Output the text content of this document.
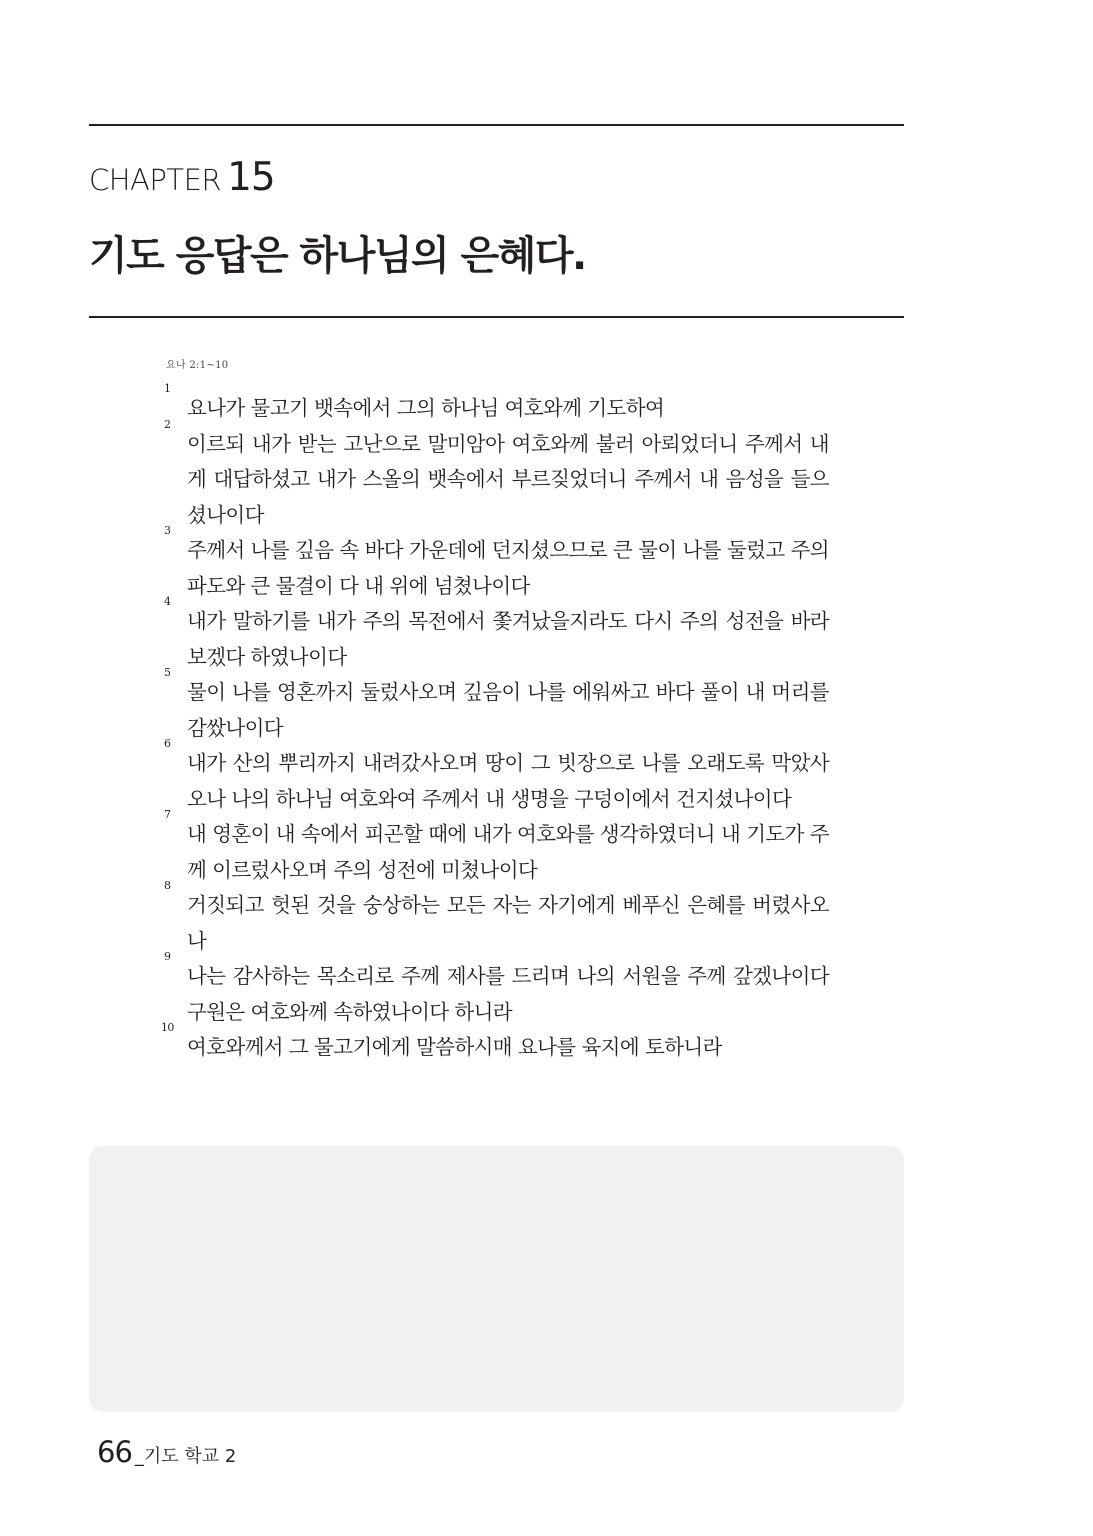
CHAPTER 15
기도 응답은 하나님의 은혜다.
요나 2:1~10
1
요나가 물고기 뱃속에서 그의 하나님 여호와께 기도하여
2
이르되 내가 받는 고난으로 말미암아 여호와께 불러 아뢰었더니 주께서 내게 대답하셨고 내가 스올의 뱃속에서 부르짖었더니 주께서 내 음성을 들으셨나이다
3
주께서 나를 깊음 속 바다 가운데에 던지셨으므로 큰 물이 나를 둘렀고 주의 파도와 큰 물결이 다 내 위에 넘쳤나이다
4
내가 말하기를 내가 주의 목전에서 쫓겨났을지라도 다시 주의 성전을 바라보겠다 하였나이다
5
물이 나를 영혼까지 둘렀사오며 깊음이 나를 에워싸고 바다 풀이 내 머리를 감쌌나이다
6
내가 산의 뿌리까지 내려갔사오며 땅이 그 빗장으로 나를 오래도록 막았사오나 나의 하나님 여호와여 주께서 내 생명을 구덩이에서 건지셨나이다
7
내 영혼이 내 속에서 피곤할 때에 내가 여호와를 생각하였더니 내 기도가 주께 이르렀사오며 주의 성전에 미쳤나이다
8
거짓되고 헛된 것을 숭상하는 모든 자는 자기에게 베푸신 은혜를 버렸사오나
9
나는 감사하는 목소리로 주께 제사를 드리며 나의 서원을 주께 갚겠나이다 구원은 여호와께 속하였나이다 하니라
10
여호와께서 그 물고기에게 말씀하시매 요나를 육지에 토하니라
66 _기도 학교 2
